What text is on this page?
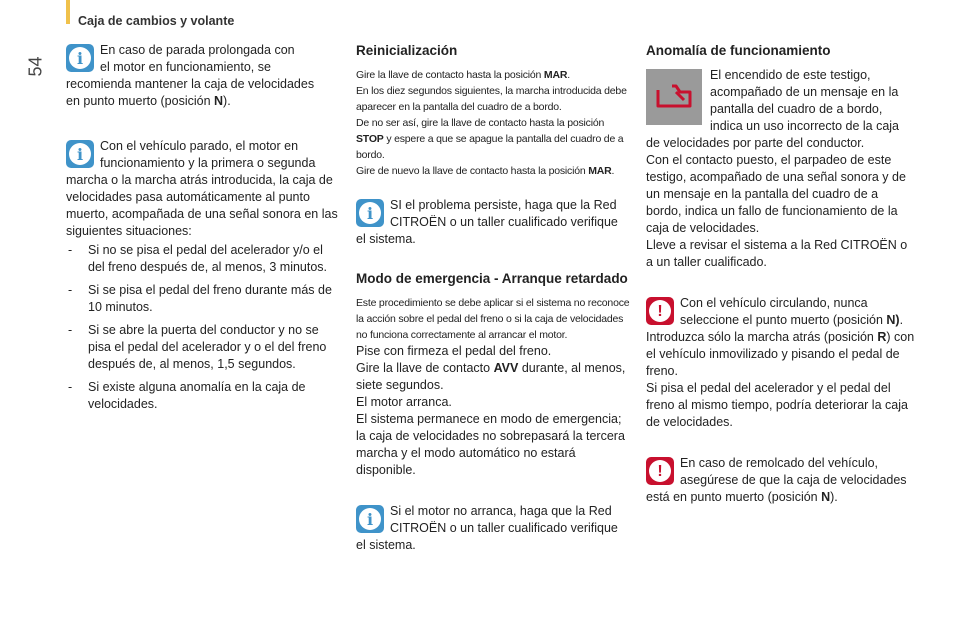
54
Caja de cambios y volante
i	En caso de parada prolongada con
el motor en funcionamiento, se
recomienda mantener la caja de velocidades
en punto muerto (posición N).

i	Con el vehículo parado, el motor en funcionamiento y la primera o segunda marcha o la marcha atrás introducida, la caja de velocidades pasa automáticamente al punto muerto, acompañada de una señal sonora en las siguientes situaciones:

- Si no se pisa el pedal del acelerador y/o el del freno después de, al menos, 3 minutos.
- Si se pisa el pedal del freno durante más de 10 minutos.
- Si se abre la puerta del conductor y no se pisa el pedal del acelerador y o el del freno después de, al menos, 1,5 segundos.
- Si existe alguna anomalía en la caja de velocidades.
Reinicialización

Gire la llave de contacto hasta la posición MAR.

En los diez segundos siguientes, la marcha introducida debe aparecer en la pantalla del cuadro de a bordo.

De no ser así, gire la llave de contacto hasta la posición STOP y espere a que se apague la pantalla del cuadro de a bordo.

Gire de nuevo la llave de contacto hasta la posición MAR.

i	SI el problema persiste, haga que la Red CITROËN o un taller cualificado verifique el sistema.

Modo de emergencia - Arranque retardado
Este procedimiento se debe aplicar si el sistema no reconoce la acción sobre el pedal del freno o si la caja de velocidades no funciona correctamente al arrancar el motor.

Pise con firmeza el pedal del freno.

Gire la llave de contacto AVV durante, al menos, siete segundos.

El motor arranca.

El sistema permanece en modo de emergencia; la caja de velocidades no sobrepasará la tercera marcha y el modo automático no estará disponible.

i	Si el motor no arranca, haga que la Red CITROËN o un taller cualificado verifique el sistema.

Anomalía de funcionamiento

El encendido de este testigo, acompañado de un mensaje en la pantalla del cuadro de a bordo, indica un uso incorrecto de la caja de velocidades por parte del conductor.

Con el contacto puesto, el parpadeo de este testigo, acompañado de una señal sonora y de un mensaje en la pantalla del cuadro de a bordo, indica un fallo de funcionamiento de la caja de velocidades.

Lleve a revisar el sistema a la Red CITROËN o a un taller cualificado.

!	Con el vehículo circulando, nunca seleccione el punto muerto (posición N).

Introduzca sólo la marcha atrás (posición R) con el vehículo inmovilizado y pisando el pedal de freno.

Si pisa el pedal del acelerador y el pedal del freno al mismo tiempo, podría deteriorar la caja de velocidades.

!	En caso de remolcado del vehículo, asegúrese de que la caja de velocidades está en punto muerto (posición N).
